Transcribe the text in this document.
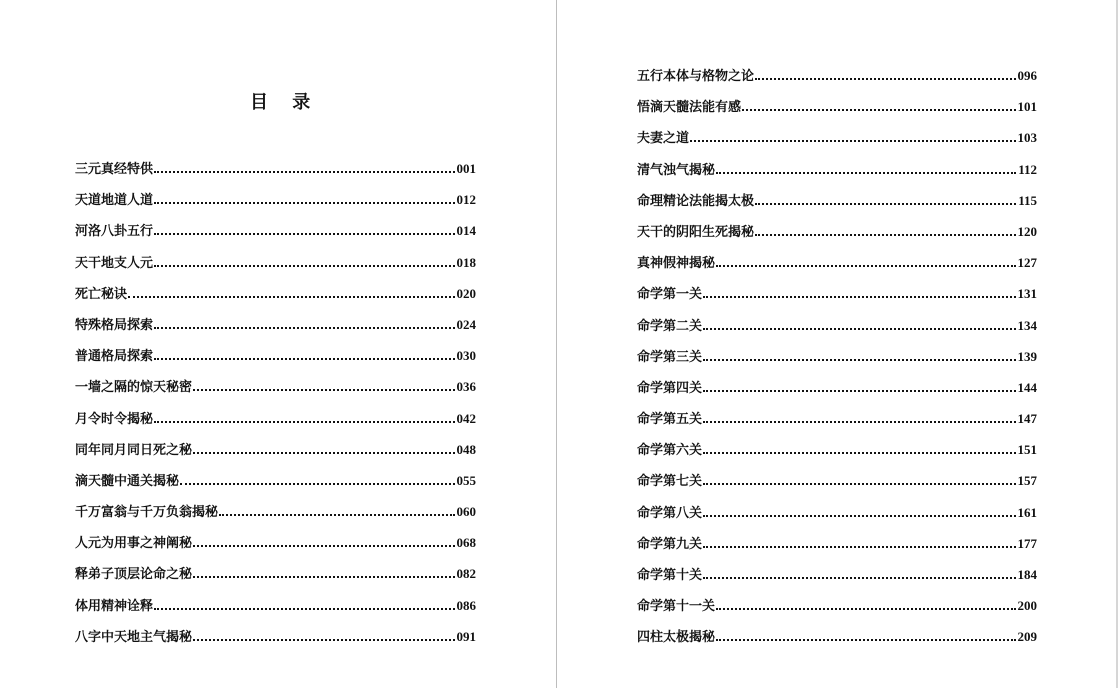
目 录
三元真经特供	001
天道地道人道	012
河洛八卦五行	014
天干地支人元	018
死亡秘诀	020
特殊格局探索	024
普通格局探索	030
一墙之隔的惊天秘密	036
月令时令揭秘	042
同年同月同日死之秘	048
滴天髓中通关揭秘	055
千万富翁与千万负翁揭秘	060
人元为用事之神阐秘	068
释弟子顶层论命之秘	082
体用精神诠释	086
八字中天地主气揭秘	091
五行本体与格物之论	096
悟滴天髓法能有感	101
夫妻之道	103
清气浊气揭秘	112
命理精论法能揭太极	115
天干的阴阳生死揭秘	120
真神假神揭秘	127
命学第一关	131
命学第二关	134
命学第三关	139
命学第四关	144
命学第五关	147
命学第六关	151
命学第七关	157
命学第八关	161
命学第九关	177
命学第十关	184
命学第十一关	200
四柱太极揭秘	209
